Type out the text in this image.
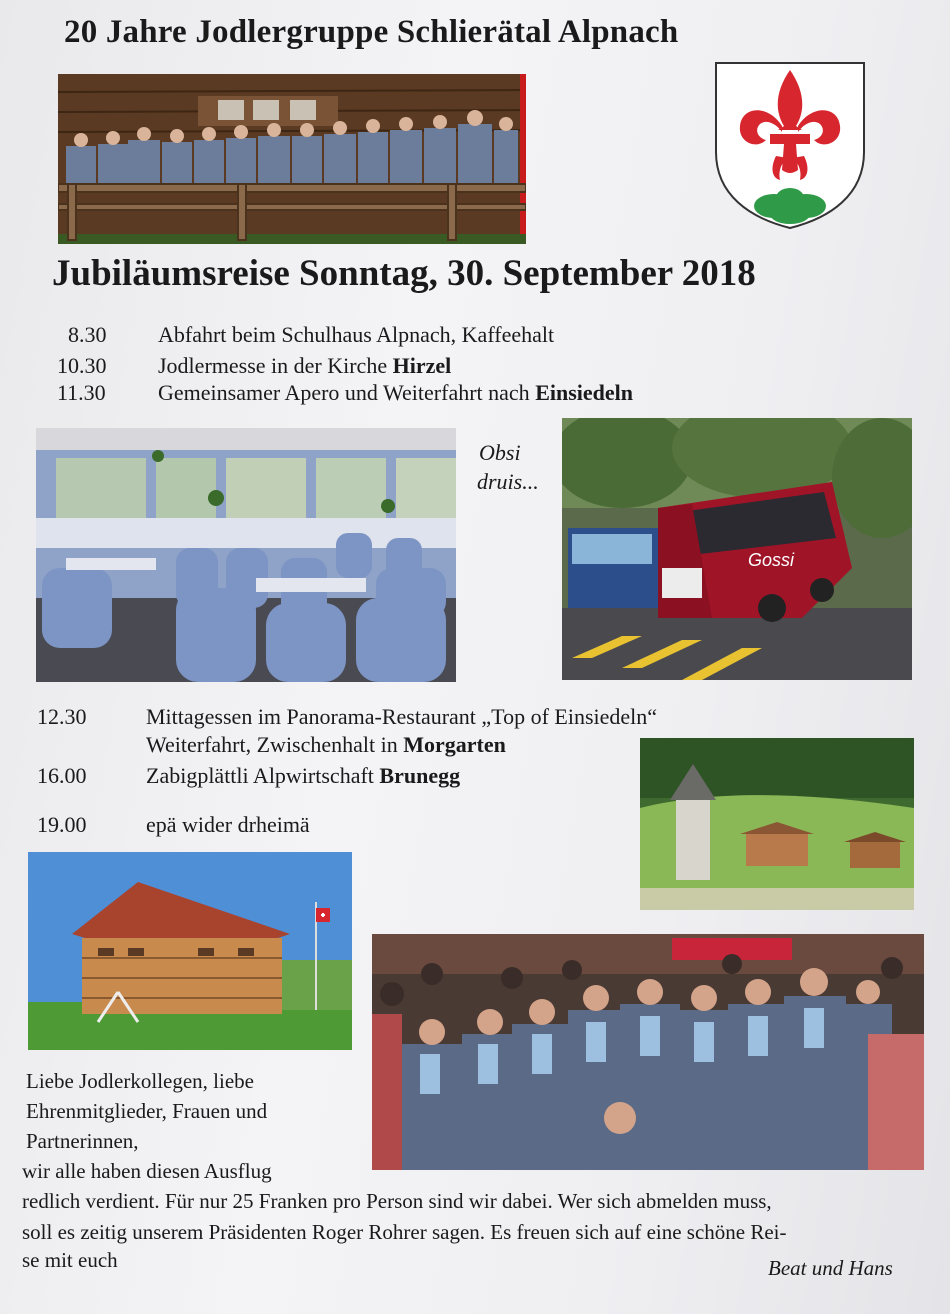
20 Jahre Jodlergruppe Schlierätal Alpnach
Jubiläumsreise Sonntag, 30. September 2018
8.30 Abfahrt beim Schulhaus Alpnach, Kaffeehalt
10.30 Jodlermesse in der Kirche Hirzel
11.30 Gemeinsamer Apero und Weiterfahrt nach Einsiedeln
Obsi
druis...
Gossi
12.30	Mittagessen im Panorama-Restaurant „Top of Einsiedeln“
Weiterfahrt, Zwischenhalt in Morgarten
16.00	Zabigplättli Alpwirtschaft Brunegg
19.00	epä wider drheimä
Liebe Jodlerkollegen, liebe
Ehrenmitglieder, Frauen und
Partnerinnen,
wir alle haben diesen Ausflug
redlich verdient. Für nur 25 Franken pro Person sind wir dabei. Wer sich abmelden muss,
soll es zeitig unserem Präsidenten Roger Rohrer sagen. Es freuen sich auf eine schöne Rei-
se mit euch	Beat und Hans
